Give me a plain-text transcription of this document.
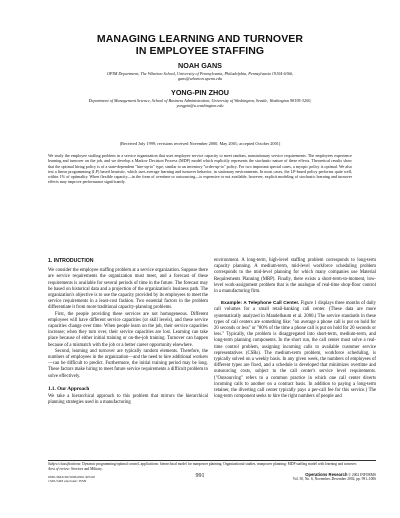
MANAGING LEARNING AND TURNOVER
IN EMPLOYEE STAFFING
NOAH GANS
OPIM Department, The Wharton School, University of Pennsylvania, Philadelphia, Pennsylvania 19104-6366,
gans@wharton.upenn.edu
YONG-PIN ZHOU
Department of Management Science, School of Business Administration, University of Washington, Seattle, Washington 98195-3200,
yongpin@u.washington.edu
(Received July 1999; revisions received November 2000, May 2001; accepted October 2001)
We study the employee staffing problem in a service organization that uses employee service capacity to meet random, nonstationary service requirements. The employees experience learning and turnover on the job, and we develop a Markov Decision Process (MDP) model which explicitly represents the stochastic nature of these effects. Theoretical results show that the optimal hiring policy is of a state-dependent "hire-up-to" type, similar to an inventory "order-up-to" policy. For two important special cases, a myopic policy is optimal. We also test a linear programming (LP) based heuristic, which uses average learning and turnover behavior, in stationary environments. In most cases, the LP-based policy performs quite well, within 1% of optimality. When flexible capacity—in the form of overtime or outsourcing—is expensive or not available, however, explicit modeling of stochastic learning and turnover effects may improve performance significantly.
1. INTRODUCTION

We consider the employee staffing problem at a service organization. Suppose there are service requirements the organization must meet, and a forecast of these requirements is available for several periods of time in the future. The forecast may be based on historical data and a projection of the organization's business path. The organization's objective is to use the capacity provided by its employees to meet the service requirements in a least-cost fashion. Two essential factors in the problem differentiate it from more traditional capacity-planning problems.

First, the people providing these services are not homogeneous. Different employees will have different service capacities (or skill levels), and these service capacities change over time. When people learn on the job, their service capacities increase; when they turn over, their service capacities are lost. Learning can take place because of either initial training or on-the-job training. Turnover can happen because of a mismatch with the job or a better career opportunity elsewhere.

Second, learning and turnover are typically random elements. Therefore, the numbers of employees in the organization—and the need to hire additional workers—can be difficult to predict. Furthermore, the initial training period may be long. These factors make hiring to meet future service requirements a difficult problem to solve effectively.

1.1. Our Approach

We take a hierarchical approach to this problem that mirrors the hierarchical planning strategies used in a manufacturing

environment. A long-term, high-level staffing problem corresponds to long-term capacity planning. A medium-term, mid-level workforce scheduling problem corresponds to the mid-level planning for which many companies use Material Requirements Planning (MRP). Finally, there exists a short-term-to-moment, low-level work-assignment problem that is the analogue of real-time shop-floor control in a manufacturing firm.

Example: A Telephone Call Center. Figure 1 displays three months of daily call volumes for a small retail-banking call center. (These data are more systematically analyzed in Mandelbaum et al. 2000.) The service standards in these types of call centers are something like: "on average a phone call is put on hold for 20 seconds or less" or "80% of the time a phone call is put on hold for 20 seconds or less." Typically, the problem is disaggregated into short-term, medium-term, and long-term planning components. In the short run, the call center must solve a real-time control problem, assigning incoming calls to available customer service representatives (CSRs). The medium-term problem, workforce scheduling, is typically solved on a weekly basis. In any given week, the numbers of employees of different types are fixed, and a schedule is developed that minimizes overtime and outsourcing costs, subject to the call center's service level requirements. ("Outsourcing" refers to a common practice in which one call center diverts incoming calls to another on a contract basis. In addition to paying a long-term retainer, the diverting call center typically pays a per-call fee for this service.) The long-term component seeks to hire the right numbers of people and

Subject classifications: Dynamic programming/optimal control, applications: hierarchical model for manpower planning. Organizational studies, manpower planning: MDP staffing model with learning and turnover.
Area of review: Services and Military.
0030-364X/02/5006-0991 $05.00
1526-5463 electronic ISSN
991	Operations Research © 2002 INFORMS
Vol. 50, No. 6, November–December 2002, pp. 991–1006
